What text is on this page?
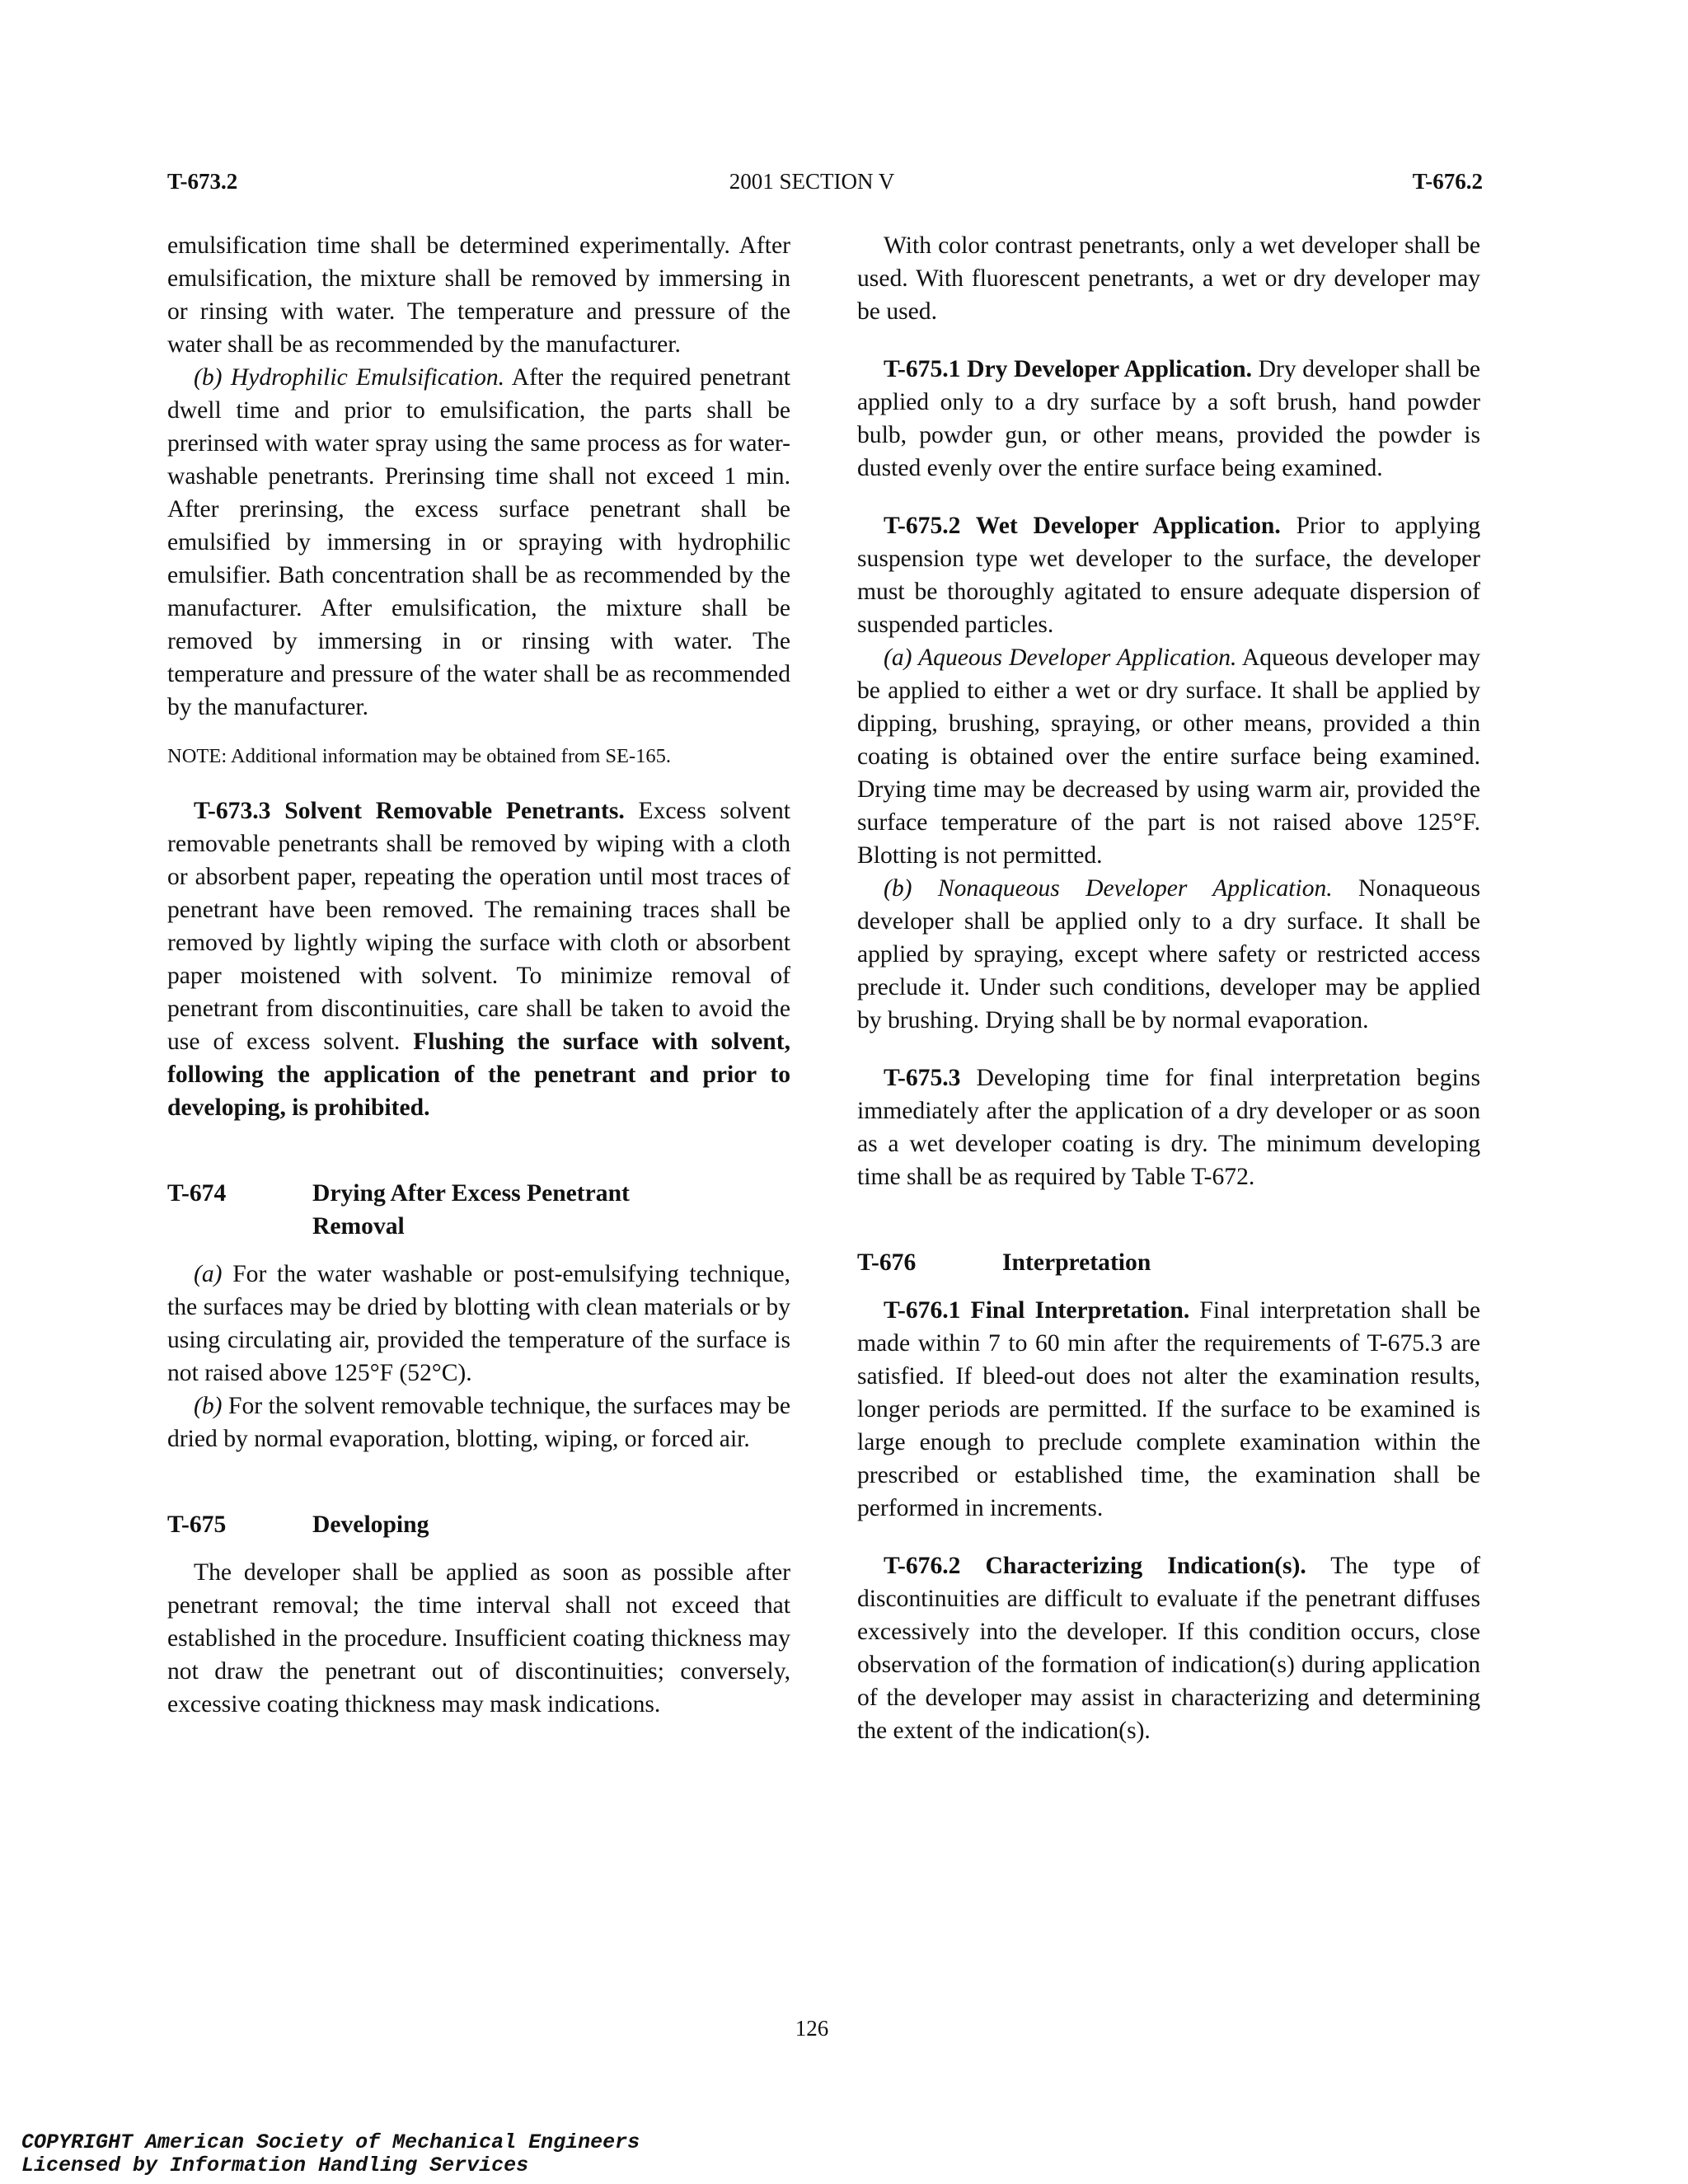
T-673.2	2001 SECTION V	T-676.2

emulsification time shall be determined experimentally. After emulsification, the mixture shall be removed by immersing in or rinsing with water. The temperature and pressure of the water shall be as recommended by the manufacturer.

(b) Hydrophilic Emulsification. After the required penetrant dwell time and prior to emulsification, the parts shall be prerinsed with water spray using the same process as for water-washable penetrants. Prerinsing time shall not exceed 1 min. After prerinsing, the excess surface penetrant shall be emulsified by immersing in or spraying with hydrophilic emulsifier. Bath concentration shall be as recommended by the manufacturer. After emulsification, the mixture shall be removed by immersing in or rinsing with water. The temperature and pressure of the water shall be as recommended by the manufacturer.

NOTE: Additional information may be obtained from SE-165.

T-673.3 Solvent Removable Penetrants. Excess solvent removable penetrants shall be removed by wiping with a cloth or absorbent paper, repeating the operation until most traces of penetrant have been removed. The remaining traces shall be removed by lightly wiping the surface with cloth or absorbent paper moistened with solvent. To minimize removal of penetrant from discontinuities, care shall be taken to avoid the use of excess solvent. Flushing the surface with solvent, following the application of the penetrant and prior to developing, is prohibited.

T-674	Drying After Excess Penetrant Removal

(a) For the water washable or post-emulsifying technique, the surfaces may be dried by blotting with clean materials or by using circulating air, provided the temperature of the surface is not raised above 125°F (52°C).

(b) For the solvent removable technique, the surfaces may be dried by normal evaporation, blotting, wiping, or forced air.

T-675	Developing

The developer shall be applied as soon as possible after penetrant removal; the time interval shall not exceed that established in the procedure. Insufficient coating thickness may not draw the penetrant out of discontinuities; conversely, excessive coating thickness may mask indications.

With color contrast penetrants, only a wet developer shall be used. With fluorescent penetrants, a wet or dry developer may be used.

T-675.1 Dry Developer Application. Dry developer shall be applied only to a dry surface by a soft brush, hand powder bulb, powder gun, or other means, provided the powder is dusted evenly over the entire surface being examined.

T-675.2 Wet Developer Application. Prior to applying suspension type wet developer to the surface, the developer must be thoroughly agitated to ensure adequate dispersion of suspended particles.

(a) Aqueous Developer Application. Aqueous developer may be applied to either a wet or dry surface. It shall be applied by dipping, brushing, spraying, or other means, provided a thin coating is obtained over the entire surface being examined. Drying time may be decreased by using warm air, provided the surface temperature of the part is not raised above 125°F. Blotting is not permitted.

(b) Nonaqueous Developer Application. Nonaqueous developer shall be applied only to a dry surface. It shall be applied by spraying, except where safety or restricted access preclude it. Under such conditions, developer may be applied by brushing. Drying shall be by normal evaporation.

T-675.3 Developing time for final interpretation begins immediately after the application of a dry developer or as soon as a wet developer coating is dry. The minimum developing time shall be as required by Table T-672.

T-676	Interpretation

T-676.1 Final Interpretation. Final interpretation shall be made within 7 to 60 min after the requirements of T-675.3 are satisfied. If bleed-out does not alter the examination results, longer periods are permitted. If the surface to be examined is large enough to preclude complete examination within the prescribed or established time, the examination shall be performed in increments.

T-676.2 Characterizing Indication(s). The type of discontinuities are difficult to evaluate if the penetrant diffuses excessively into the developer. If this condition occurs, close observation of the formation of indication(s) during application of the developer may assist in characterizing and determining the extent of the indication(s).

126
COPYRIGHT American Society of Mechanical Engineers
Licensed by Information Handling Services
